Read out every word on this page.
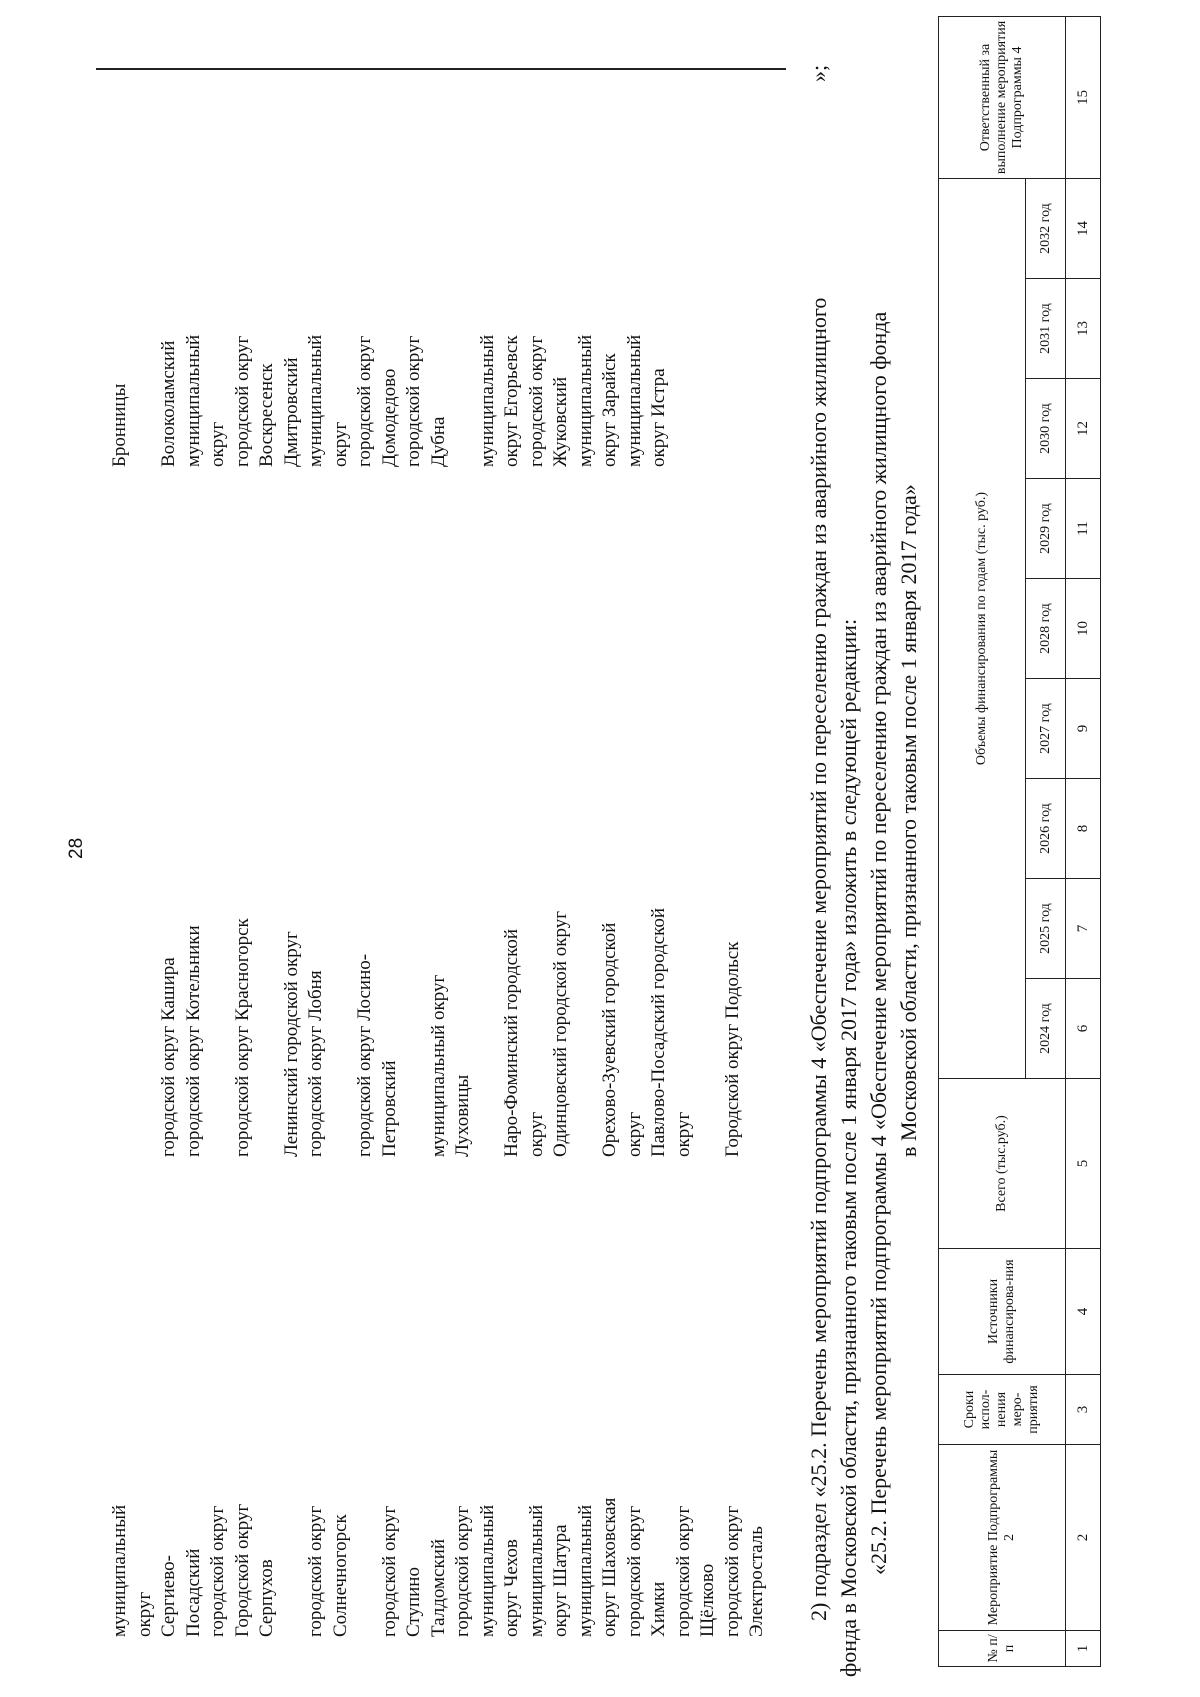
28
Бронницы Волоколамский муниципальный округ городской округ Воскресенск Дмитровский муниципальный округ городской округ Домодедово городской округ Дубна муниципальный округ Егорьевск городской округ Жуковский муниципальный округ Зарайск муниципальный округ Истра
городской округ Кашира городской округ Котельники городской округ Красногорск Ленинский городской округ городской округ Лобня городской округ Лосино- Петровский муниципальный округ Луховицы Наро-Фоминский городской округ Одинцовский городской округ Орехово-Зуевский городской округ Павлово-Посадский городской округ Городской округ Подольск
муниципальный округ Сергиево- Посадский городской округ Городской округ Серпухов городской округ Солнечногорск городской округ Ступино Талдомский городской округ муниципальный округ Чехов муниципальный округ Шатура муниципальный округ Шаховская городской округ Химки городской округ Щёлково городской округ Электросталь
»;
2) подраздел «25.2. Перечень мероприятий подпрограммы 4 «Обеспечение мероприятий по переселению граждан из аварийного жилищного фонда в Московской области, признанного таковым после 1 января 2017 года» изложить в следующей редакции: «25.2. Перечень мероприятий подпрограммы 4 «Обеспечение мероприятий по переселению граждан из аварийного жилищного фонда в Московской области, признанного таковым после 1 января 2017 года»
№ п/п	Мероприятие Подпрограммы 2	Сроки испол-нения меро-приятия	Источники финансирова-ния	Всего (тыс.руб.)	Объемы финансирования по годам (тыс. руб.)									Ответственный за выполнение мероприятия Подпрограммы 4
					2024 год	2025 год	2026 год	2027 год	2028 год	2029 год	2030 год	2031 год	2032 год	
1	2	3	4	5	6	7	8	9	10	11	12	13	14	15
